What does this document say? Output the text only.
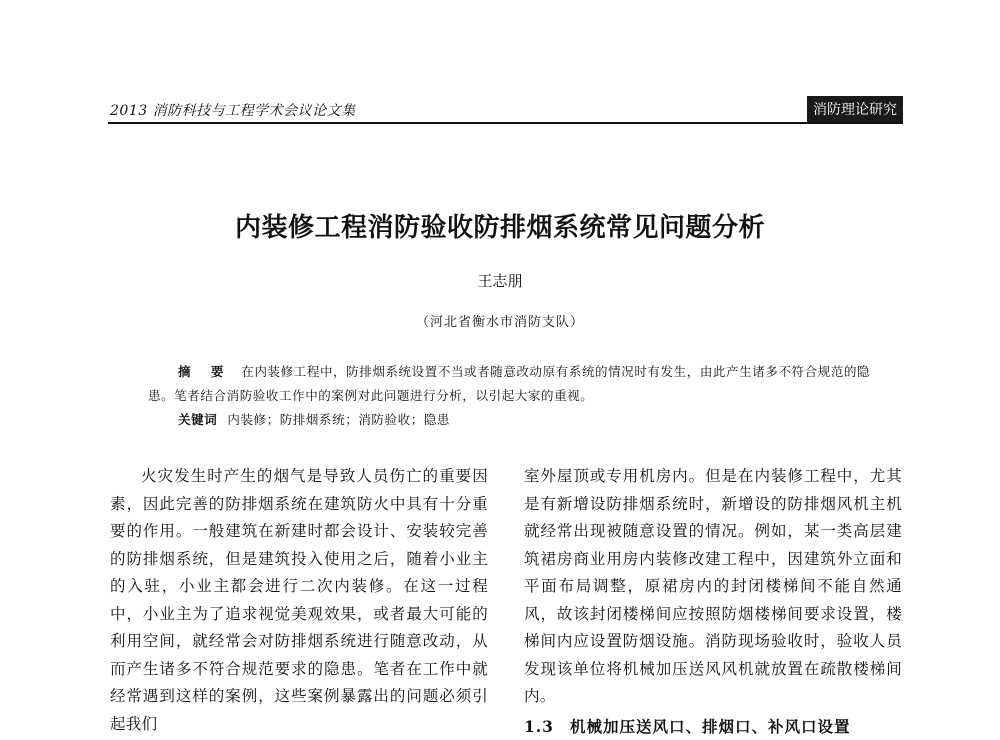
2013 消防科技与工程学术会议论文集	消防理论研究
内装修工程消防验收防排烟系统常见问题分析
王志朋
（河北省衡水市消防支队）
摘 要 在内装修工程中，防排烟系统设置不当或者随意改动原有系统的情况时有发生，由此产生诸多不符合规范的隐患。笔者结合消防验收工作中的案例对此问题进行分析，以引起大家的重视。
关键词 内装修；防排烟系统；消防验收；隐患

火灾发生时产生的烟气是导致人员伤亡的重要因素，因此完善的防排烟系统在建筑防火中具有十分重要的作用。一般建筑在新建时都会设计、安装较完善的防排烟系统，但是建筑投入使用之后，随着小业主的入驻，小业主都会进行二次内装修。在这一过程中，小业主为了追求视觉美观效果，或者最大可能的利用空间，就经常会对防排烟系统进行随意改动，从而产生诸多不符合规范要求的隐患。笔者在工作中就经常遇到这样的案例，这些案例暴露出的问题必须引起我们

室外屋顶或专用机房内。但是在内装修工程中，尤其是有新增设防排烟系统时，新增设的防排烟风机主机就经常出现被随意设置的情况。例如，某一类高层建筑裙房商业用房内装修改建工程中，因建筑外立面和平面布局调整，原裙房内的封闭楼梯间不能自然通风，故该封闭楼梯间应按照防烟楼梯间要求设置，楼梯间内应设置防烟设施。消防现场验收时，验收人员发现该单位将机械加压送风风机就放置在疏散楼梯间内。

1.3 机械加压送风口、排烟口、补风口设置
